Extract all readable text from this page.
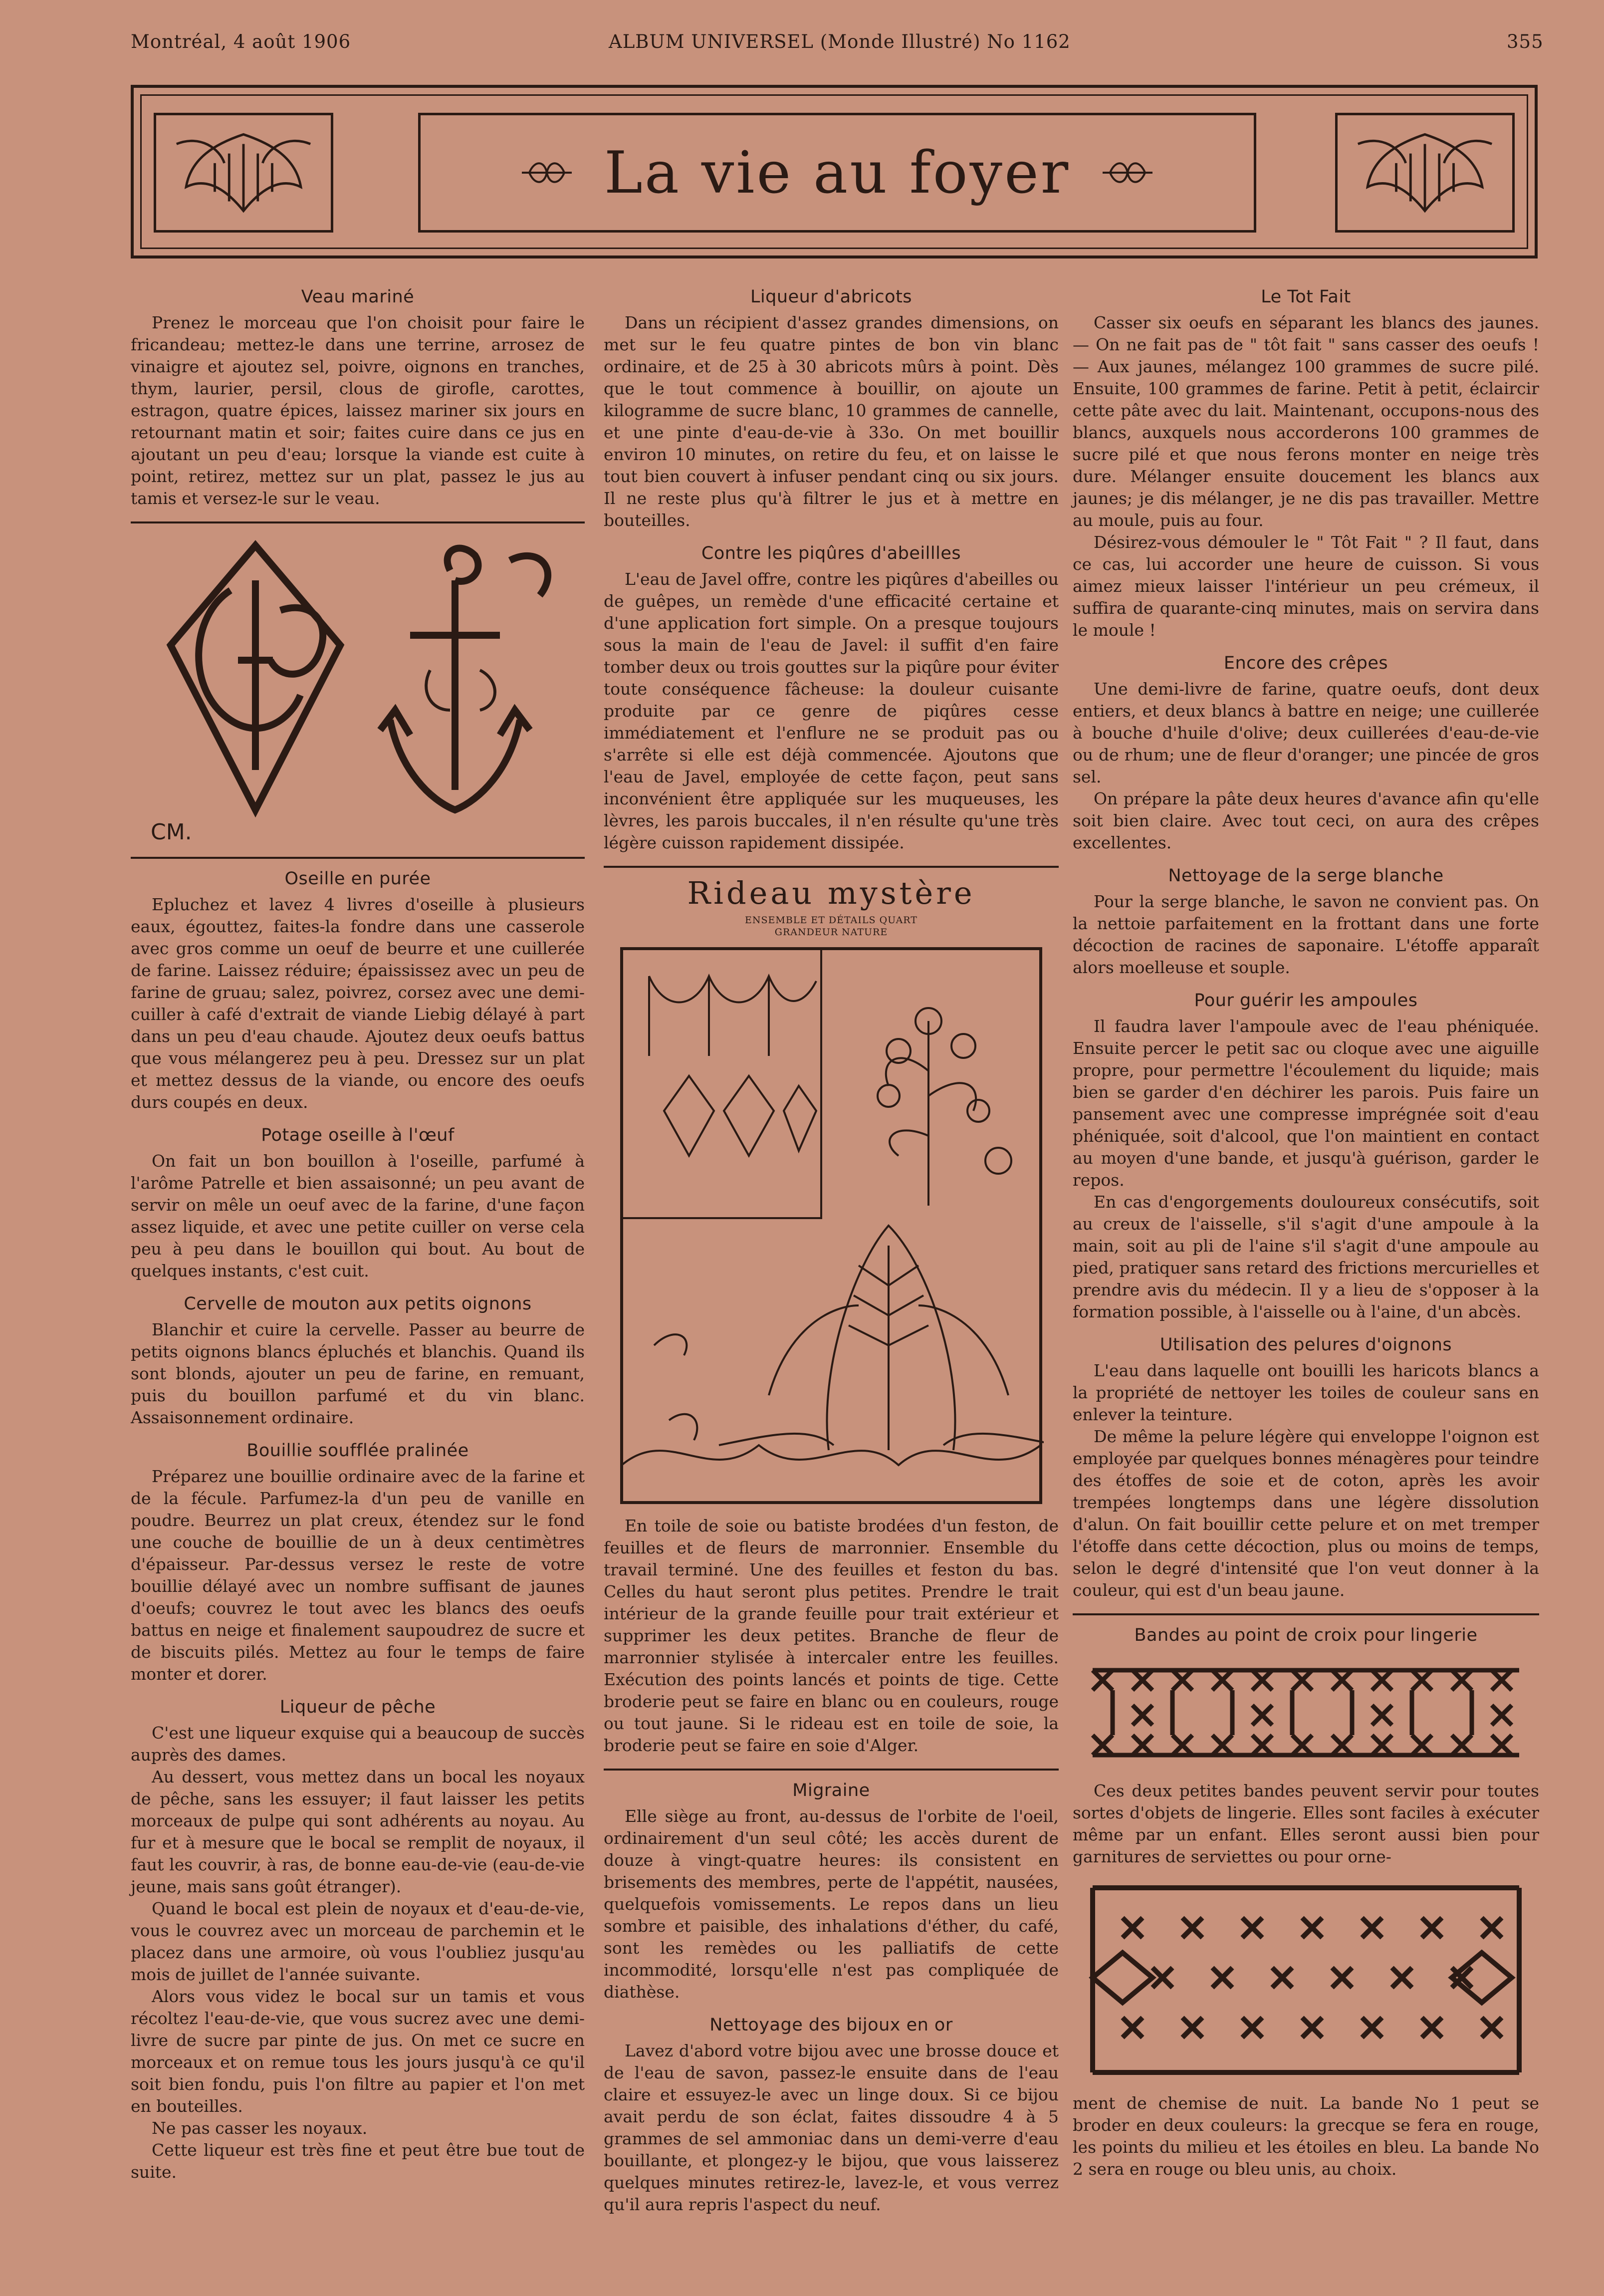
Montréal, 4 août 1906	ALBUM UNIVERSEL (Monde Illustré) No 1162	355
La vie au foyer
Veau mariné

Prenez le morceau que l'on choisit pour faire le fricandeau; mettez-le dans une terrine, arrosez de vinaigre et ajoutez sel, poivre, oignons en tranches, thym, laurier, persil, clous de girofle, carottes, estragon, quatre épices, laissez mariner six jours en retournant matin et soir; faites cuire dans ce jus en ajoutant un peu d'eau; lorsque la viande est cuite à point, retirez, mettez sur un plat, passez le jus au tamis et versez-le sur le veau.

CM.
Oseille en purée

Epluchez et lavez 4 livres d'oseille à plusieurs eaux, égouttez, faites-la fondre dans une casserole avec gros comme un oeuf de beurre et une cuillerée de farine. Laissez réduire; épaississez avec un peu de farine de gruau; salez, poivrez, corsez avec une demi-cuiller à café d'extrait de viande Liebig délayé à part dans un peu d'eau chaude. Ajoutez deux oeufs battus que vous mélangerez peu à peu. Dressez sur un plat et mettez dessus de la viande, ou encore des oeufs durs coupés en deux.

Potage oseille à l'œuf

On fait un bon bouillon à l'oseille, parfumé à l'arôme Patrelle et bien assaisonné; un peu avant de servir on mêle un oeuf avec de la farine, d'une façon assez liquide, et avec une petite cuiller on verse cela peu à peu dans le bouillon qui bout. Au bout de quelques instants, c'est cuit.

Cervelle de mouton aux petits oignons

Blanchir et cuire la cervelle. Passer au beurre de petits oignons blancs épluchés et blanchis. Quand ils sont blonds, ajouter un peu de farine, en remuant, puis du bouillon parfumé et du vin blanc. Assaisonnement ordinaire.

Bouillie soufflée pralinée

Préparez une bouillie ordinaire avec de la farine et de la fécule. Parfumez-la d'un peu de vanille en poudre. Beurrez un plat creux, étendez sur le fond une couche de bouillie de un à deux centimètres d'épaisseur. Par-dessus versez le reste de votre bouillie délayé avec un nombre suffisant de jaunes d'oeufs; couvrez le tout avec les blancs des oeufs battus en neige et finalement saupoudrez de sucre et de biscuits pilés. Mettez au four le temps de faire monter et dorer.

Liqueur de pêche

C'est une liqueur exquise qui a beaucoup de succès auprès des dames.

Au dessert, vous mettez dans un bocal les noyaux de pêche, sans les essuyer; il faut laisser les petits morceaux de pulpe qui sont adhérents au noyau. Au fur et à mesure que le bocal se remplit de noyaux, il faut les couvrir, à ras, de bonne eau-de-vie (eau-de-vie jeune, mais sans goût étranger).

Quand le bocal est plein de noyaux et d'eau-de-vie, vous le couvrez avec un morceau de parchemin et le placez dans une armoire, où vous l'oubliez jusqu'au mois de juillet de l'année suivante.

Alors vous videz le bocal sur un tamis et vous récoltez l'eau-de-vie, que vous sucrez avec une demi-livre de sucre par pinte de jus. On met ce sucre en morceaux et on remue tous les jours jusqu'à ce qu'il soit bien fondu, puis l'on filtre au papier et l'on met en bouteilles.

Ne pas casser les noyaux.

Cette liqueur est très fine et peut être bue tout de suite.

Liqueur d'abricots

Dans un récipient d'assez grandes dimensions, on met sur le feu quatre pintes de bon vin blanc ordinaire, et de 25 à 30 abricots mûrs à point. Dès que le tout commence à bouillir, on ajoute un kilogramme de sucre blanc, 10 grammes de cannelle, et une pinte d'eau-de-vie à 33o. On met bouillir environ 10 minutes, on retire du feu, et on laisse le tout bien couvert à infuser pendant cinq ou six jours. Il ne reste plus qu'à filtrer le jus et à mettre en bouteilles.

Contre les piqûres d'abeillles

L'eau de Javel offre, contre les piqûres d'abeilles ou de guêpes, un remède d'une efficacité certaine et d'une application fort simple. On a presque toujours sous la main de l'eau de Javel: il suffit d'en faire tomber deux ou trois gouttes sur la piqûre pour éviter toute conséquence fâcheuse: la douleur cuisante produite par ce genre de piqûres cesse immédiatement et l'enflure ne se produit pas ou s'arrête si elle est déjà commencée. Ajoutons que l'eau de Javel, employée de cette façon, peut sans inconvénient être appliquée sur les muqueuses, les lèvres, les parois buccales, il n'en résulte qu'une très légère cuisson rapidement dissipée.

Rideau mystère
ENSEMBLE ET DÉTAILS QUART
GRANDEUR NATURE

En toile de soie ou batiste brodées d'un feston, de feuilles et de fleurs de marronnier. Ensemble du travail terminé. Une des feuilles et feston du bas. Celles du haut seront plus petites. Prendre le trait intérieur de la grande feuille pour trait extérieur et supprimer les deux petites. Branche de fleur de marronnier stylisée à intercaler entre les feuilles. Exécution des points lancés et points de tige. Cette broderie peut se faire en blanc ou en couleurs, rouge ou tout jaune. Si le rideau est en toile de soie, la broderie peut se faire en soie d'Alger.

Migraine

Elle siège au front, au-dessus de l'orbite de l'oeil, ordinairement d'un seul côté; les accès durent de douze à vingt-quatre heures: ils consistent en brisements des membres, perte de l'appétit, nausées, quelquefois vomissements. Le repos dans un lieu sombre et paisible, des inhalations d'éther, du café, sont les remèdes ou les palliatifs de cette incommodité, lorsqu'elle n'est pas compliquée de diathèse.

Nettoyage des bijoux en or

Lavez d'abord votre bijou avec une brosse douce et de l'eau de savon, passez-le ensuite dans de l'eau claire et essuyez-le avec un linge doux. Si ce bijou avait perdu de son éclat, faites dissoudre 4 à 5 grammes de sel ammoniac dans un demi-verre d'eau bouillante, et plongez-y le bijou, que vous laisserez quelques minutes retirez-le, lavez-le, et vous verrez qu'il aura repris l'aspect du neuf.

Le Tot Fait

Casser six oeufs en séparant les blancs des jaunes. — On ne fait pas de " tôt fait " sans casser des oeufs ! — Aux jaunes, mélangez 100 grammes de sucre pilé. Ensuite, 100 grammes de farine. Petit à petit, éclaircir cette pâte avec du lait. Maintenant, occupons-nous des blancs, auxquels nous accorderons 100 grammes de sucre pilé et que nous ferons monter en neige très dure. Mélanger ensuite doucement les blancs aux jaunes; je dis mélanger, je ne dis pas travailler. Mettre au moule, puis au four.

Désirez-vous démouler le " Tôt Fait " ? Il faut, dans ce cas, lui accorder une heure de cuisson. Si vous aimez mieux laisser l'intérieur un peu crémeux, il suffira de quarante-cinq minutes, mais on servira dans le moule !

Encore des crêpes

Une demi-livre de farine, quatre oeufs, dont deux entiers, et deux blancs à battre en neige; une cuillerée à bouche d'huile d'olive; deux cuillerées d'eau-de-vie ou de rhum; une de fleur d'oranger; une pincée de gros sel.

On prépare la pâte deux heures d'avance afin qu'elle soit bien claire. Avec tout ceci, on aura des crêpes excellentes.

Nettoyage de la serge blanche

Pour la serge blanche, le savon ne convient pas. On la nettoie parfaitement en la frottant dans une forte décoction de racines de saponaire. L'étoffe apparaît alors moelleuse et souple.

Pour guérir les ampoules

Il faudra laver l'ampoule avec de l'eau phéniquée. Ensuite percer le petit sac ou cloque avec une aiguille propre, pour permettre l'écoulement du liquide; mais bien se garder d'en déchirer les parois. Puis faire un pansement avec une compresse imprégnée soit d'eau phéniquée, soit d'alcool, que l'on maintient en contact au moyen d'une bande, et jusqu'à guérison, garder le repos.

En cas d'engorgements douloureux consécutifs, soit au creux de l'aisselle, s'il s'agit d'une ampoule à la main, soit au pli de l'aine s'il s'agit d'une ampoule au pied, pratiquer sans retard des frictions mercurielles et prendre avis du médecin. Il y a lieu de s'opposer à la formation possible, à l'aisselle ou à l'aine, d'un abcès.

Utilisation des pelures d'oignons

L'eau dans laquelle ont bouilli les haricots blancs a la propriété de nettoyer les toiles de couleur sans en enlever la teinture.

De même la pelure légère qui enveloppe l'oignon est employée par quelques bonnes ménagères pour teindre des étoffes de soie et de coton, après les avoir trempées longtemps dans une légère dissolution d'alun. On fait bouillir cette pelure et on met tremper l'étoffe dans cette décoction, plus ou moins de temps, selon le degré d'intensité que l'on veut donner à la couleur, qui est d'un beau jaune.

Bandes au point de croix pour lingerie

Ces deux petites bandes peuvent servir pour toutes sortes d'objets de lingerie. Elles sont faciles à exécuter même par un enfant. Elles seront aussi bien pour garnitures de serviettes ou pour orne-

ment de chemise de nuit. La bande No 1 peut se broder en deux couleurs: la grecque se fera en rouge, les points du milieu et les étoiles en bleu. La bande No 2 sera en rouge ou bleu unis, au choix.
